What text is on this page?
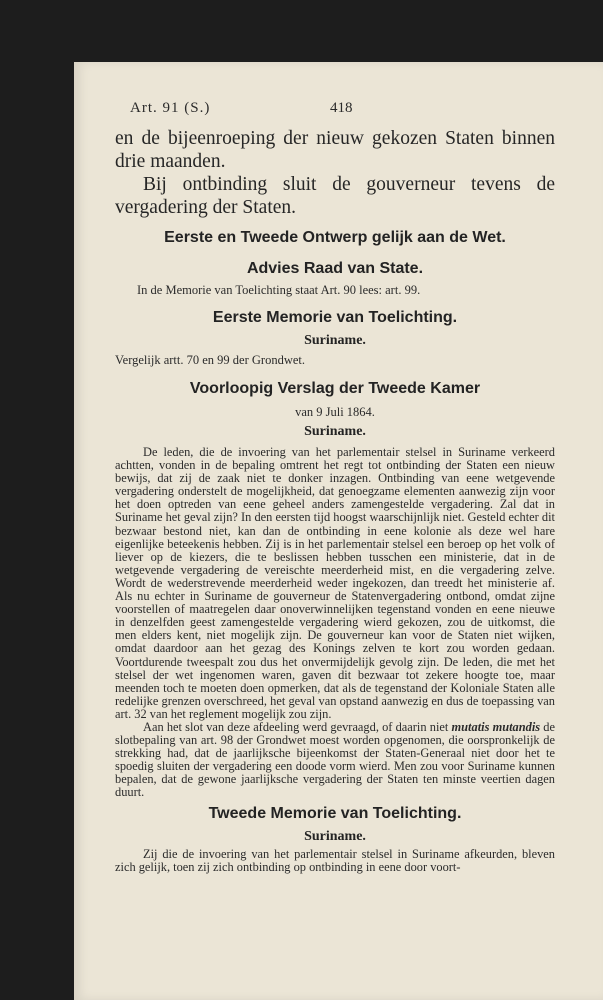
Art. 91 (S.)	418

en de bijeenroeping der nieuw gekozen Staten binnen drie maanden.

Bij ontbinding sluit de gouverneur tevens de vergadering der Staten.

Eerste en Tweede Ontwerp gelijk aan de Wet.
Advies Raad van State.
In de Memorie van Toelichting staat Art. 90 lees: art. 99.
Eerste Memorie van Toelichting.
Suriname.
Vergelijk artt. 70 en 99 der Grondwet.
Voorloopig Verslag der Tweede Kamer
van 9 Juli 1864.
Suriname.

De leden, die de invoering van het parlementair stelsel in Suriname verkeerd achtten, vonden in de bepaling omtrent het regt tot ontbinding der Staten een nieuw bewijs, dat zij de zaak niet te donker inzagen. Ontbinding van eene wetgevende vergadering onderstelt de mogelijkheid, dat genoegzame elementen aanwezig zijn voor het doen optreden van eene geheel anders zamengestelde vergadering. Zal dat in Suriname het geval zijn? In den eersten tijd hoogst waarschijnlijk niet. Gesteld echter dit bezwaar bestond niet, kan dan de ontbinding in eene kolonie als deze wel hare eigenlijke beteekenis hebben. Zij is in het parlementair stelsel een beroep op het volk of liever op de kiezers, die te beslissen hebben tusschen een ministerie, dat in de wetgevende vergadering de vereischte meerderheid mist, en die vergadering zelve. Wordt de wederstrevende meerderheid weder ingekozen, dan treedt het ministerie af. Als nu echter in Suriname de gouverneur de Statenvergadering ontbond, omdat zijne voorstellen of maatregelen daar onoverwinnelijken tegenstand vonden en eene nieuwe in denzelfden geest zamengestelde vergadering wierd gekozen, zou de uitkomst, die men elders kent, niet mogelijk zijn. De gouverneur kan voor de Staten niet wijken, omdat daardoor aan het gezag des Konings zelven te kort zou worden gedaan. Voortdurende tweespalt zou dus het onvermijdelijk gevolg zijn. De leden, die met het stelsel der wet ingenomen waren, gaven dit bezwaar tot zekere hoogte toe, maar meenden toch te moeten doen opmerken, dat als de tegenstand der Koloniale Staten alle redelijke grenzen overschreed, het geval van opstand aanwezig en dus de toepassing van art. 32 van het reglement mogelijk zou zijn.

Aan het slot van deze afdeeling werd gevraagd, of daarin niet mutatis mutandis de slotbepaling van art. 98 der Grondwet moest worden opgenomen, die oorspronkelijk de strekking had, dat de jaarlijksche bijeenkomst der Staten-Generaal niet door het te spoedig sluiten der vergadering een doode vorm wierd. Men zou voor Suriname kunnen bepalen, dat de gewone jaarlijksche vergadering der Staten ten minste veertien dagen duurt.

Tweede Memorie van Toelichting.
Suriname.

Zij die de invoering van het parlementair stelsel in Suriname afkeurden, bleven zich gelijk, toen zij zich ontbinding op ontbinding in eene door voort-
